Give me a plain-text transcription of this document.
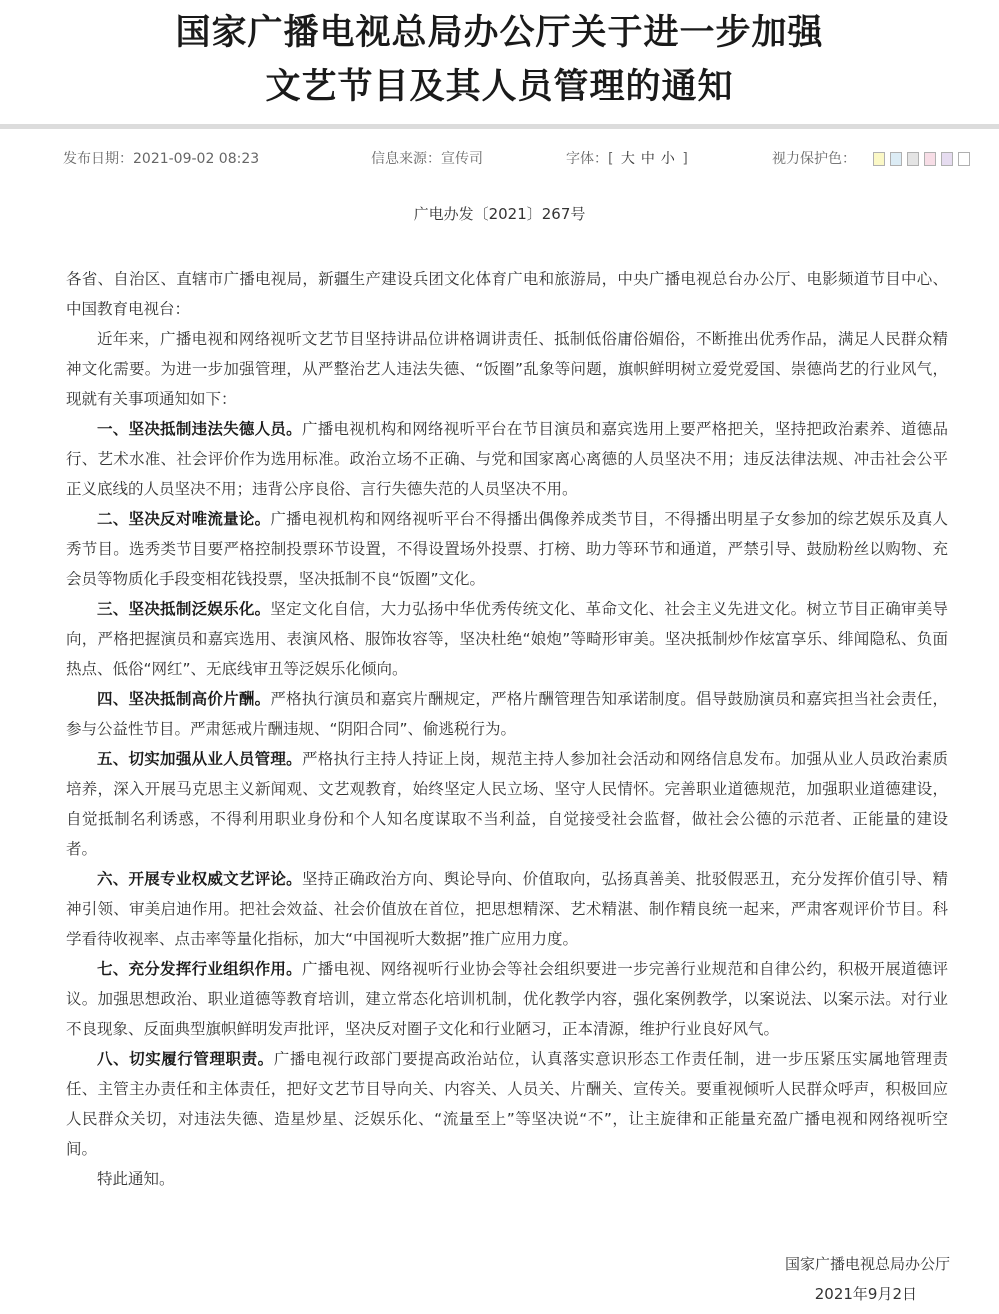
国家广播电视总局办公厅关于进一步加强
文艺节目及其人员管理的通知
发布日期：2021-09-02 08:23	信息来源：宣传司	字体：[ 大 中 小 ]	视力保护色：
广电办发〔2021〕267号

各省、自治区、直辖市广播电视局，新疆生产建设兵团文化体育广电和旅游局，中央广播电视总台办公厅、电影频道节目中心、中国教育电视台：

近年来，广播电视和网络视听文艺节目坚持讲品位讲格调讲责任、抵制低俗庸俗媚俗，不断推出优秀作品，满足人民群众精神文化需要。为进一步加强管理，从严整治艺人违法失德、“饭圈”乱象等问题，旗帜鲜明树立爱党爱国、崇德尚艺的行业风气，现就有关事项通知如下：

一、坚决抵制违法失德人员。广播电视机构和网络视听平台在节目演员和嘉宾选用上要严格把关，坚持把政治素养、道德品行、艺术水准、社会评价作为选用标准。政治立场不正确、与党和国家离心离德的人员坚决不用；违反法律法规、冲击社会公平正义底线的人员坚决不用；违背公序良俗、言行失德失范的人员坚决不用。

二、坚决反对唯流量论。广播电视机构和网络视听平台不得播出偶像养成类节目，不得播出明星子女参加的综艺娱乐及真人秀节目。选秀类节目要严格控制投票环节设置，不得设置场外投票、打榜、助力等环节和通道，严禁引导、鼓励粉丝以购物、充会员等物质化手段变相花钱投票，坚决抵制不良“饭圈”文化。

三、坚决抵制泛娱乐化。坚定文化自信，大力弘扬中华优秀传统文化、革命文化、社会主义先进文化。树立节目正确审美导向，严格把握演员和嘉宾选用、表演风格、服饰妆容等，坚决杜绝“娘炮”等畸形审美。坚决抵制炒作炫富享乐、绯闻隐私、负面热点、低俗“网红”、无底线审丑等泛娱乐化倾向。

四、坚决抵制高价片酬。严格执行演员和嘉宾片酬规定，严格片酬管理告知承诺制度。倡导鼓励演员和嘉宾担当社会责任，参与公益性节目。严肃惩戒片酬违规、“阴阳合同”、偷逃税行为。

五、切实加强从业人员管理。严格执行主持人持证上岗，规范主持人参加社会活动和网络信息发布。加强从业人员政治素质培养，深入开展马克思主义新闻观、文艺观教育，始终坚定人民立场、坚守人民情怀。完善职业道德规范，加强职业道德建设，自觉抵制名利诱惑，不得利用职业身份和个人知名度谋取不当利益，自觉接受社会监督，做社会公德的示范者、正能量的建设者。

六、开展专业权威文艺评论。坚持正确政治方向、舆论导向、价值取向，弘扬真善美、批驳假恶丑，充分发挥价值引导、精神引领、审美启迪作用。把社会效益、社会价值放在首位，把思想精深、艺术精湛、制作精良统一起来，严肃客观评价节目。科学看待收视率、点击率等量化指标，加大“中国视听大数据”推广应用力度。

七、充分发挥行业组织作用。广播电视、网络视听行业协会等社会组织要进一步完善行业规范和自律公约，积极开展道德评议。加强思想政治、职业道德等教育培训，建立常态化培训机制，优化教学内容，强化案例教学，以案说法、以案示法。对行业不良现象、反面典型旗帜鲜明发声批评，坚决反对圈子文化和行业陋习，正本清源，维护行业良好风气。

八、切实履行管理职责。广播电视行政部门要提高政治站位，认真落实意识形态工作责任制，进一步压紧压实属地管理责任、主管主办责任和主体责任，把好文艺节目导向关、内容关、人员关、片酬关、宣传关。要重视倾听人民群众呼声，积极回应人民群众关切，对违法失德、造星炒星、泛娱乐化、“流量至上”等坚决说“不”，让主旋律和正能量充盈广播电视和网络视听空间。

特此通知。

国家广播电视总局办公厅
2021年9月2日
